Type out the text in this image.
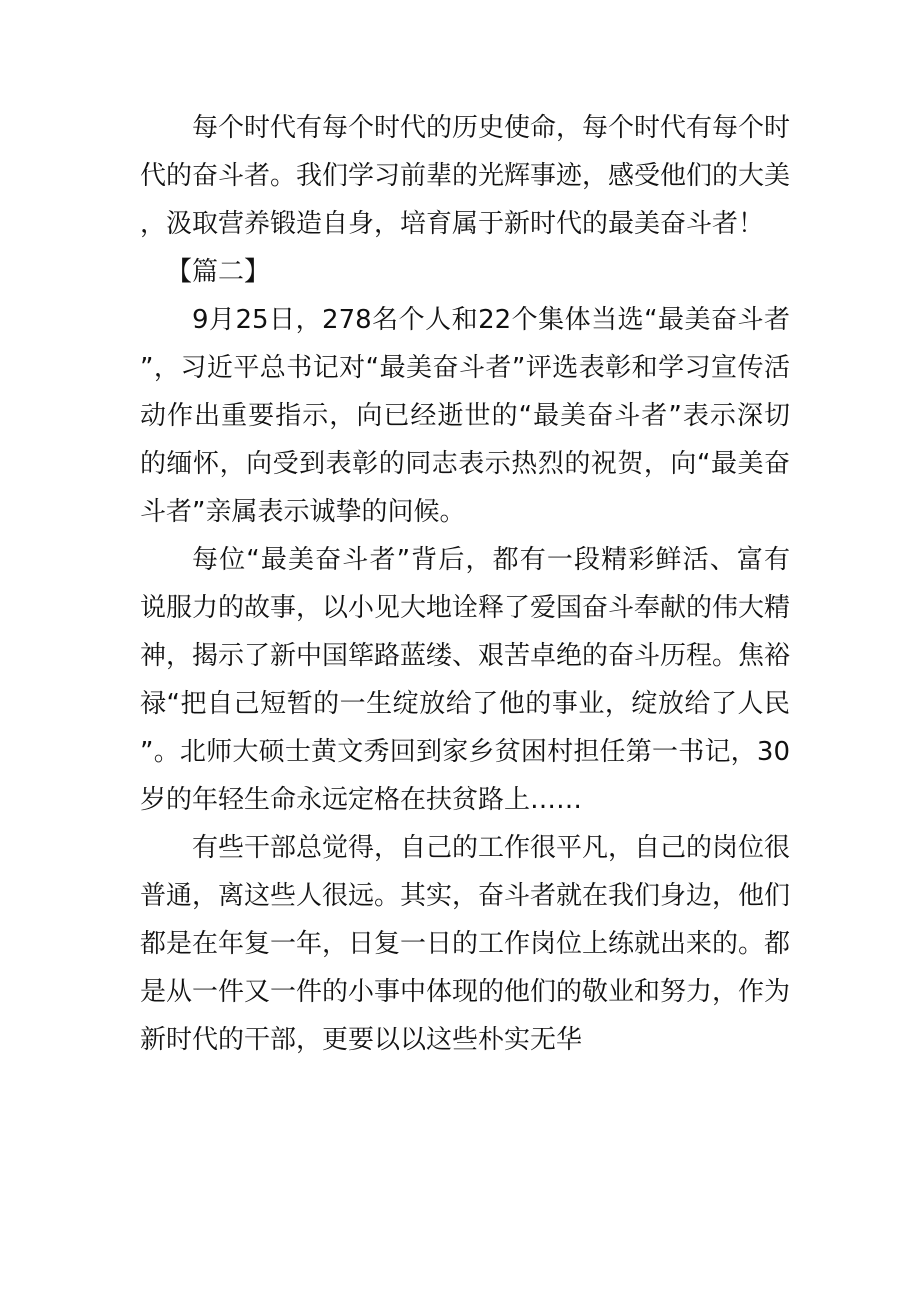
每个时代有每个时代的历史使命，每个时代有每个时代的奋斗者。我们学习前辈的光辉事迹，感受他们的大美，汲取营养锻造自身，培育属于新时代的最美奋斗者！

【篇二】

9月25日，278名个人和22个集体当选“最美奋斗者”，习近平总书记对“最美奋斗者”评选表彰和学习宣传活动作出重要指示，向已经逝世的“最美奋斗者”表示深切的缅怀，向受到表彰的同志表示热烈的祝贺，向“最美奋斗者”亲属表示诚挚的问候。

每位“最美奋斗者”背后，都有一段精彩鲜活、富有说服力的故事，以小见大地诠释了爱国奋斗奉献的伟大精神，揭示了新中国筚路蓝缕、艰苦卓绝的奋斗历程。焦裕禄“把自己短暂的一生绽放给了他的事业，绽放给了人民”。北师大硕士黄文秀回到家乡贫困村担任第一书记，30岁的年轻生命永远定格在扶贫路上……

有些干部总觉得，自己的工作很平凡，自己的岗位很普通，离这些人很远。其实，奋斗者就在我们身边，他们都是在年复一年，日复一日的工作岗位上练就出来的。都是从一件又一件的小事中体现的他们的敬业和努力，作为新时代的干部，更要以以这些朴实无华
